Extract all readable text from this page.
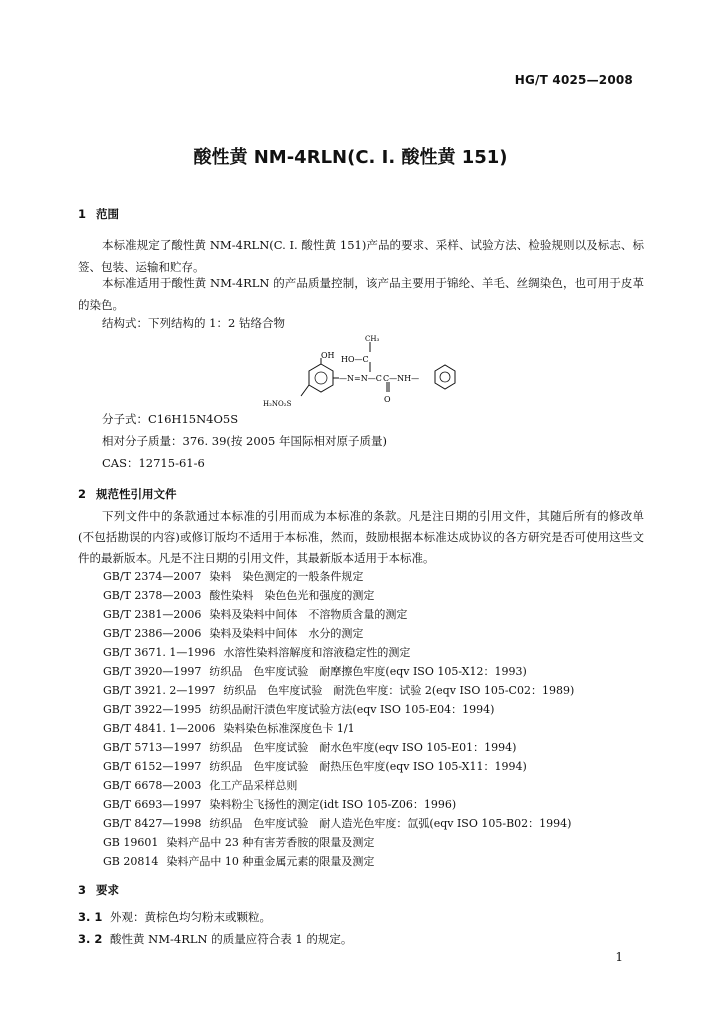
HG/T 4025—2008
酸性黄 NM-4RLN(C. I. 酸性黄 151)
1 范围
本标准规定了酸性黄 NM-4RLN(C. I. 酸性黄 151)产品的要求、采样、试验方法、检验规则以及标志、标签、包装、运输和贮存。
本标准适用于酸性黄 NM-4RLN 的产品质量控制，该产品主要用于锦纶、羊毛、丝绸染色，也可用于皮革的染色。
结构式：下列结构的 1：2 钴络合物
CH₃
OH HO—C
—N=N—C C—NH—
O
H₂NO₂S
分子式：C16H15N4O5S
相对分子质量：376. 39(按 2005 年国际相对原子质量)
CAS：12715-61-6
2 规范性引用文件
下列文件中的条款通过本标准的引用而成为本标准的条款。凡是注日期的引用文件，其随后所有的修改单(不包括勘误的内容)或修订版均不适用于本标准，然而，鼓励根据本标准达成协议的各方研究是否可使用这些文件的最新版本。凡是不注日期的引用文件，其最新版本适用于本标准。
GB/T 2374—2007 染料　染色测定的一般条件规定
GB/T 2378—2003 酸性染料　染色色光和强度的测定
GB/T 2381—2006 染料及染料中间体　不溶物质含量的测定
GB/T 2386—2006 染料及染料中间体　水分的测定
GB/T 3671. 1—1996 水溶性染料溶解度和溶液稳定性的测定
GB/T 3920—1997 纺织品　色牢度试验　耐摩擦色牢度(eqv ISO 105-X12：1993)
GB/T 3921. 2—1997 纺织品　色牢度试验　耐洗色牢度：试验 2(eqv ISO 105-C02：1989)
GB/T 3922—1995 纺织品耐汗渍色牢度试验方法(eqv ISO 105-E04：1994)
GB/T 4841. 1—2006 染料染色标准深度色卡 1/1
GB/T 5713—1997 纺织品　色牢度试验　耐水色牢度(eqv ISO 105-E01：1994)
GB/T 6152—1997 纺织品　色牢度试验　耐热压色牢度(eqv ISO 105-X11：1994)
GB/T 6678—2003 化工产品采样总则
GB/T 6693—1997 染料粉尘飞扬性的测定(idt ISO 105-Z06：1996)
GB/T 8427—1998 纺织品　色牢度试验　耐人造光色牢度：氙弧(eqv ISO 105-B02：1994)
GB 19601 染料产品中 23 种有害芳香胺的限量及测定
GB 20814 染料产品中 10 种重金属元素的限量及测定
3 要求
3. 1 外观：黄棕色均匀粉末或颗粒。
3. 2 酸性黄 NM-4RLN 的质量应符合表 1 的规定。
1
